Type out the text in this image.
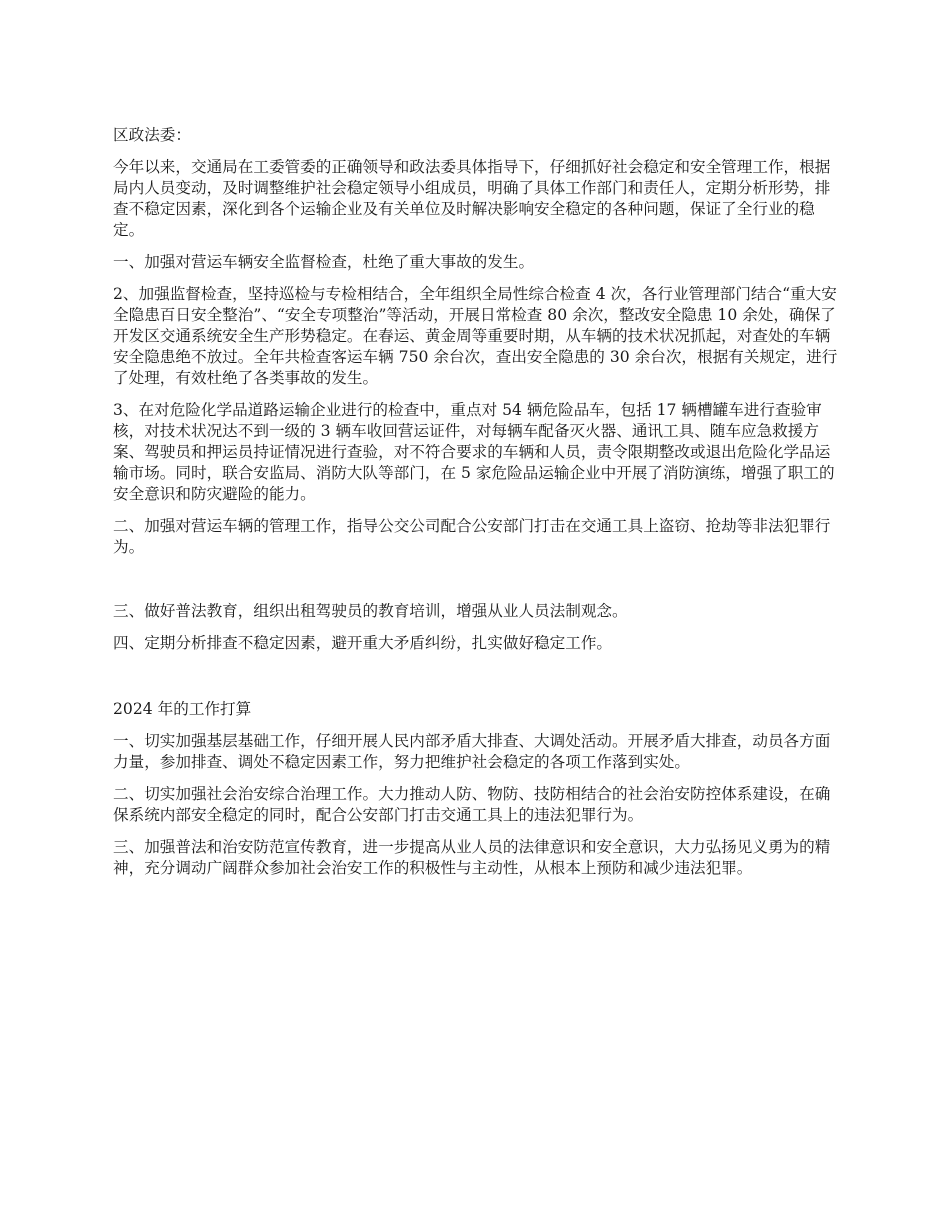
区政法委：

今年以来，交通局在工委管委的正确领导和政法委具体指导下，仔细抓好社会稳定和安全管理工作，根据局内人员变动，及时调整维护社会稳定领导小组成员，明确了具体工作部门和责任人，定期分析形势，排查不稳定因素，深化到各个运输企业及有关单位及时解决影响安全稳定的各种问题，保证了全行业的稳定。

一、加强对营运车辆安全监督检查，杜绝了重大事故的发生。

2、加强监督检查，坚持巡检与专检相结合，全年组织全局性综合检查 4 次，各行业管理部门结合“重大安全隐患百日安全整治”、“安全专项整治”等活动，开展日常检查 80 余次，整改安全隐患 10 余处，确保了开发区交通系统安全生产形势稳定。在春运、黄金周等重要时期，从车辆的技术状况抓起，对查处的车辆安全隐患绝不放过。全年共检查客运车辆 750 余台次，查出安全隐患的 30 余台次，根据有关规定，进行了处理，有效杜绝了各类事故的发生。

3、在对危险化学品道路运输企业进行的检查中，重点对 54 辆危险品车，包括 17 辆槽罐车进行查验审核，对技术状况达不到一级的 3 辆车收回营运证件，对每辆车配备灭火器、通讯工具、随车应急救援方案、驾驶员和押运员持证情况进行查验，对不符合要求的车辆和人员，责令限期整改或退出危险化学品运输市场。同时，联合安监局、消防大队等部门，在 5 家危险品运输企业中开展了消防演练，增强了职工的安全意识和防灾避险的能力。

二、加强对营运车辆的管理工作，指导公交公司配合公安部门打击在交通工具上盗窃、抢劫等非法犯罪行为。

三、做好普法教育，组织出租驾驶员的教育培训，增强从业人员法制观念。

四、定期分析排查不稳定因素，避开重大矛盾纠纷，扎实做好稳定工作。

2024 年的工作打算

一、切实加强基层基础工作，仔细开展人民内部矛盾大排查、大调处活动。开展矛盾大排查，动员各方面力量，参加排查、调处不稳定因素工作，努力把维护社会稳定的各项工作落到实处。

二、切实加强社会治安综合治理工作。大力推动人防、物防、技防相结合的社会治安防控体系建设，在确保系统内部安全稳定的同时，配合公安部门打击交通工具上的违法犯罪行为。

三、加强普法和治安防范宣传教育，进一步提高从业人员的法律意识和安全意识，大力弘扬见义勇为的精神，充分调动广阔群众参加社会治安工作的积极性与主动性，从根本上预防和减少违法犯罪。
